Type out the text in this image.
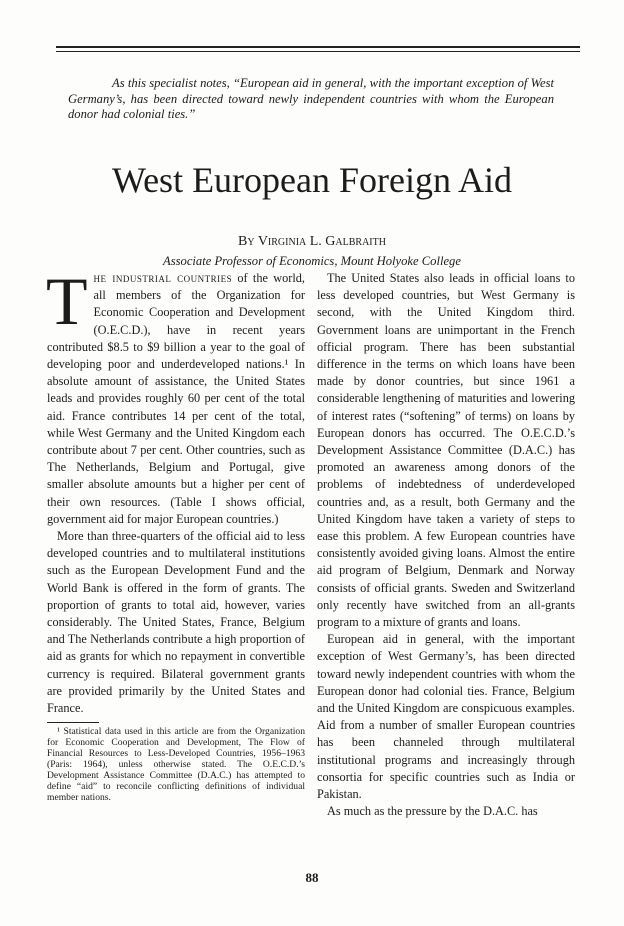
As this specialist notes, “European aid in general, with the important exception of West Germany’s, has been directed toward newly independent countries with whom the European donor had colonial ties.”

West European Foreign Aid

By Virginia L. Galbraith

Associate Professor of Economics, Mount Holyoke College

The industrial countries of the world, all members of the Organization for Economic Cooperation and Development (O.E.C.D.), have in recent years contributed $8.5 to $9 billion a year to the goal of developing poor and underdeveloped nations.¹ In absolute amount of assistance, the United States leads and provides roughly 60 per cent of the total aid. France contributes 14 per cent of the total, while West Germany and the United Kingdom each contribute about 7 per cent. Other countries, such as The Netherlands, Belgium and Portugal, give smaller absolute amounts but a higher per cent of their own resources. (Table I shows official, government aid for major European countries.)

More than three-quarters of the official aid to less developed countries and to multilateral institutions such as the European Development Fund and the World Bank is offered in the form of grants. The proportion of grants to total aid, however, varies considerably. The United States, France, Belgium and The Netherlands contribute a high proportion of aid as grants for which no repayment in convertible currency is required. Bilateral government grants are provided primarily by the United States and France.

¹ Statistical data used in this article are from the Organization for Economic Cooperation and Development, The Flow of Financial Resources to Less-Developed Countries, 1956–1963 (Paris: 1964), unless otherwise stated. The O.E.C.D.’s Development Assistance Committee (D.A.C.) has attempted to define “aid” to reconcile conflicting definitions of individual member nations.

The United States also leads in official loans to less developed countries, but West Germany is second, with the United Kingdom third. Government loans are unimportant in the French official program. There has been substantial difference in the terms on which loans have been made by donor countries, but since 1961 a considerable lengthening of maturities and lowering of interest rates (“softening” of terms) on loans by European donors has occurred. The O.E.C.D.’s Development Assistance Committee (D.A.C.) has promoted an awareness among donors of the problems of indebtedness of underdeveloped countries and, as a result, both Germany and the United Kingdom have taken a variety of steps to ease this problem. A few European countries have consistently avoided giving loans. Almost the entire aid program of Belgium, Denmark and Norway consists of official grants. Sweden and Switzerland only recently have switched from an all-grants program to a mixture of grants and loans.

European aid in general, with the important exception of West Germany’s, has been directed toward newly independent countries with whom the European donor had colonial ties. France, Belgium and the United Kingdom are conspicuous examples. Aid from a number of smaller European countries has been channeled through multilateral institutional programs and increasingly through consortia for specific countries such as India or Pakistan.

As much as the pressure by the D.A.C. has

88
